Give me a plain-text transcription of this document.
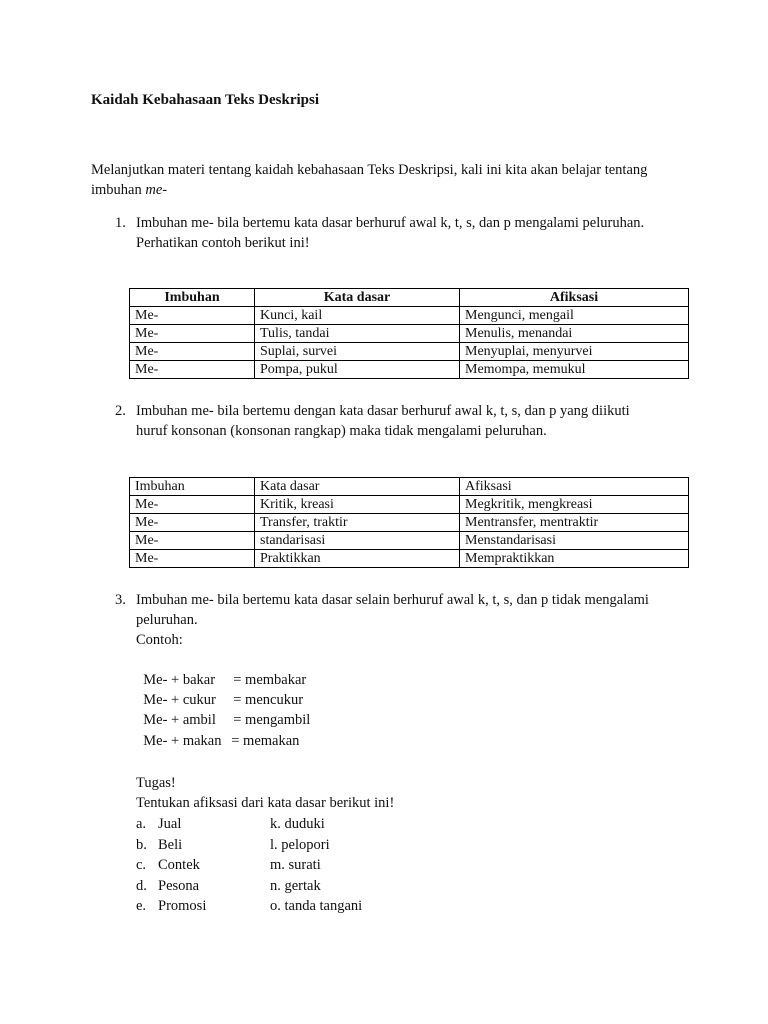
Kaidah Kebahasaan Teks Deskripsi
Melanjutkan materi tentang kaidah kebahasaan Teks Deskripsi, kali ini kita akan belajar tentang
imbuhan me-
1. Imbuhan me- bila bertemu kata dasar berhuruf awal k, t, s, dan p mengalami peluruhan.
Perhatikan contoh berikut ini!
Imbuhan	Kata dasar	Afiksasi
Me-	Kunci, kail	Mengunci, mengail
Me-	Tulis, tandai	Menulis, menandai
Me-	Suplai, survei	Menyuplai, menyurvei
Me-	Pompa, pukul	Memompa, memukul
2. Imbuhan me- bila bertemu dengan kata dasar berhuruf awal k, t, s, dan p yang diikuti
huruf konsonan (konsonan rangkap) maka tidak mengalami peluruhan.
Imbuhan	Kata dasar	Afiksasi
Me-	Kritik, kreasi	Megkritik, mengkreasi
Me-	Transfer, traktir	Mentransfer, mentraktir
Me-	standarisasi	Menstandarisasi
Me-	Praktikkan	Mempraktikkan
3. Imbuhan me- bila bertemu kata dasar selain berhuruf awal k, t, s, dan p tidak mengalami
peluruhan.
Contoh:

Me- + bakar = membakar

Me- + cukur = mencukur

Me- + ambil = mengambil

Me- + makan = memakan

Tugas!
Tentukan afiksasi dari kata dasar berikut ini!
a. Jual	k. duduki
b. Beli	l. pelopori
c. Contek	m. surati
d. Pesona	n. gertak
e. Promosi	o. tanda tangani
